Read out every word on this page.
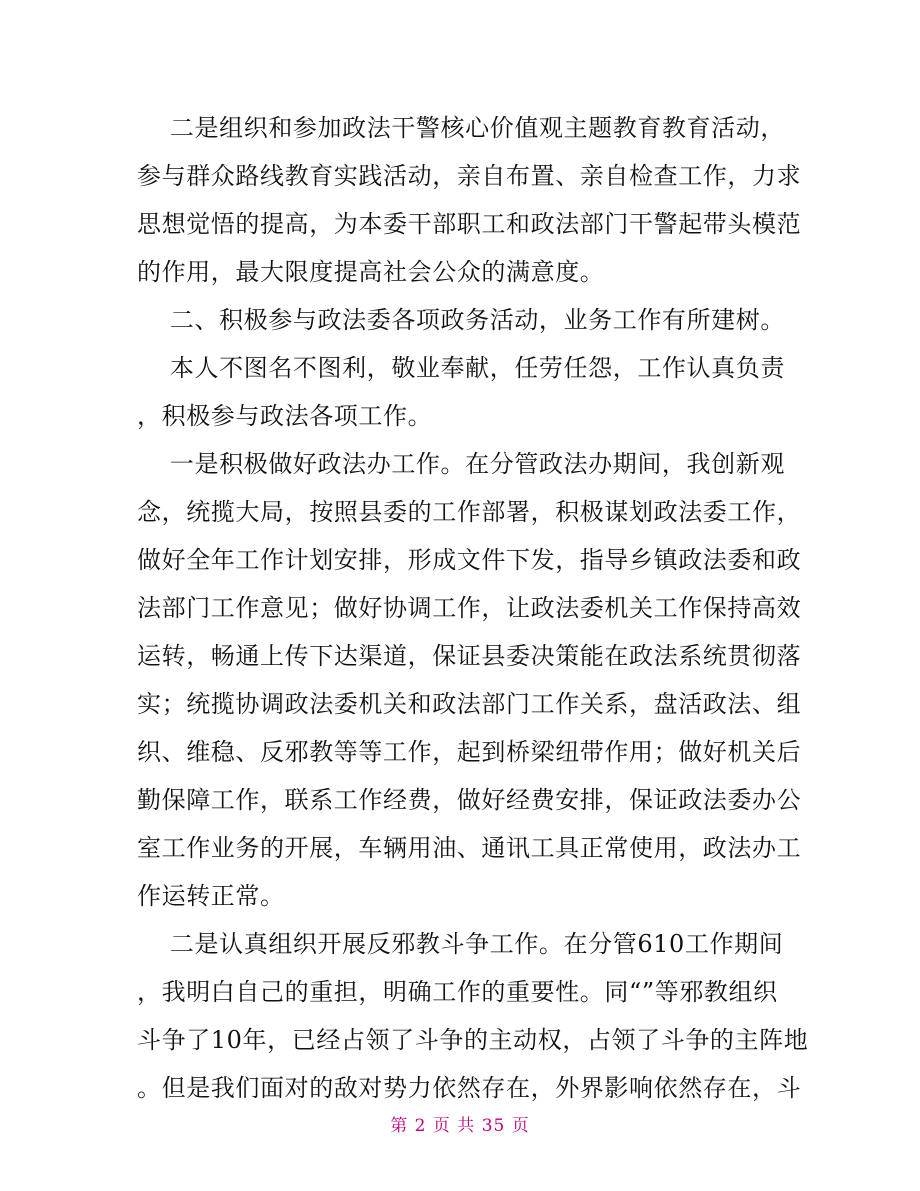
二是组织和参加政法干警核心价值观主题教育教育活动，
参与群众路线教育实践活动，亲自布置、亲自检查工作，力求
思想觉悟的提高，为本委干部职工和政法部门干警起带头模范
的作用，最大限度提高社会公众的满意度。
二、积极参与政法委各项政务活动，业务工作有所建树。
本人不图名不图利，敬业奉献，任劳任怨，工作认真负责
，积极参与政法各项工作。
一是积极做好政法办工作。在分管政法办期间，我创新观
念，统揽大局，按照县委的工作部署，积极谋划政法委工作，
做好全年工作计划安排，形成文件下发，指导乡镇政法委和政
法部门工作意见；做好协调工作，让政法委机关工作保持高效
运转，畅通上传下达渠道，保证县委决策能在政法系统贯彻落
实；统揽协调政法委机关和政法部门工作关系，盘活政法、组
织、维稳、反邪教等等工作，起到桥梁纽带作用；做好机关后
勤保障工作，联系工作经费，做好经费安排，保证政法委办公
室工作业务的开展，车辆用油、通讯工具正常使用，政法办工
作运转正常。
二是认真组织开展反邪教斗争工作。在分管610工作期间
，我明白自己的重担，明确工作的重要性。同“”等邪教组织
斗争了10年，已经占领了斗争的主动权，占领了斗争的主阵地
。但是我们面对的敌对势力依然存在，外界影响依然存在，斗
第 2 页 共 35 页
